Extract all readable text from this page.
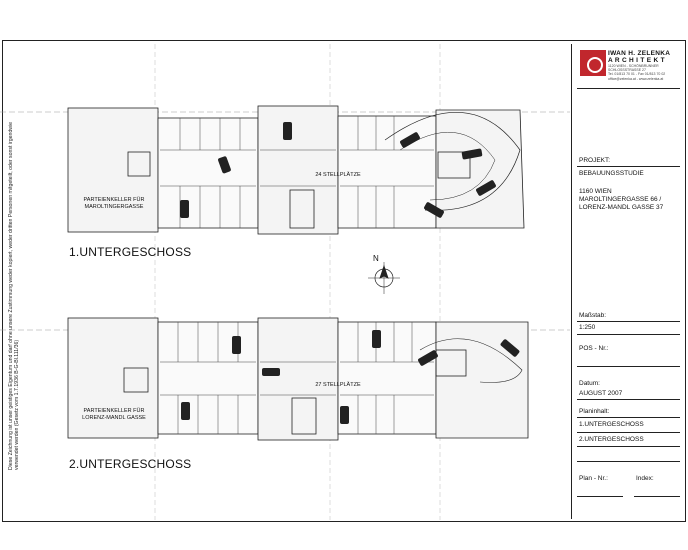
Diese Zeichnung ist unser geistiges Eigentum und darf ohne unsere Zustimmung weder kopiert, weder dritten Personen mitgeteilt, oder sonst irgendwie verwendet werden (Gesetz vom 1.7.1936 B-G-Bl.111/36)
IWAN H. ZELENKA
A R C H I T E K T
1120 WIEN - SCHÖNBRUNNER SCHLOSSSTRASSE 27
Tel. 01/813 70 01 - Fax 01/813 70 02
office@zelenka.at - www.zelenka.at
PROJEKT:
BEBAUUNGSSTUDIE
1160 WIEN
MAROLTINGERGASSE 66 /
LORENZ-MANDL GASSE 37
Maßstab:
1:250
POS - Nr.:
Datum:
AUGUST 2007
Planinhalt:
1.UNTERGESCHOSS
2.UNTERGESCHOSS
Plan - Nr.:	Index:
1.UNTERGESCHOSS
2.UNTERGESCHOSS
PARTEIENKELLER FÜR MAROLTINGERGASSE
PARTEIENKELLER FÜR LORENZ-MANDL GASSE
24 STELLPLÄTZE
27 STELLPLÄTZE
N
